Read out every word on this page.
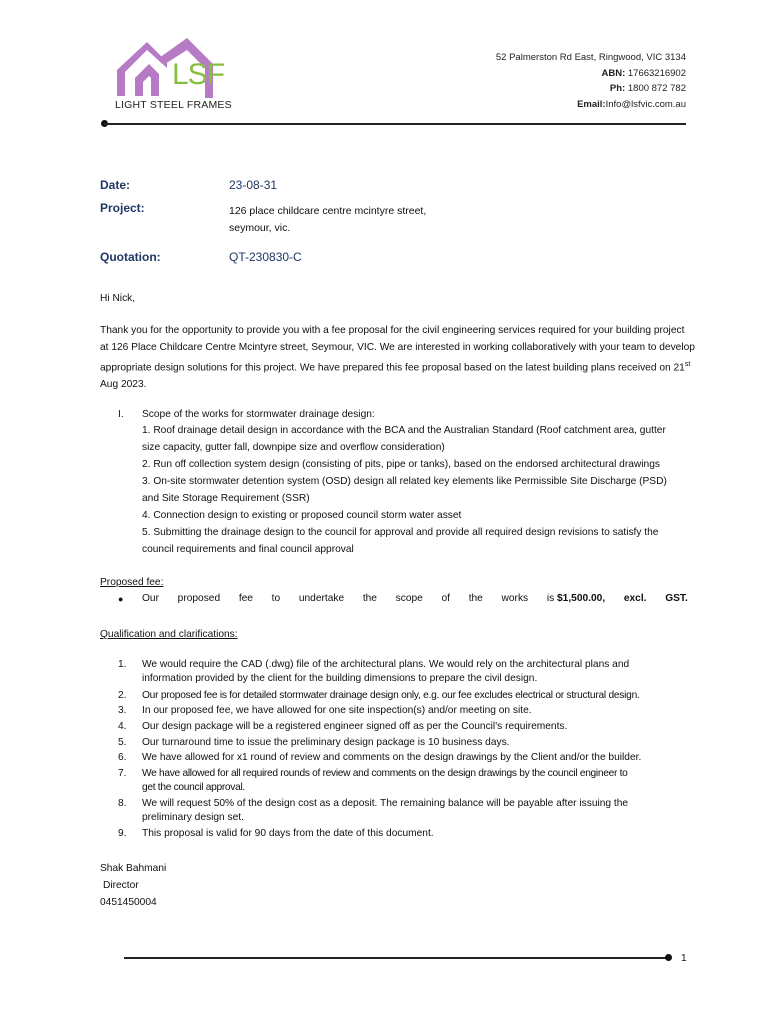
LSF
LIGHT STEEL FRAMES
52 Palmerston Rd East, Ringwood, VIC 3134
ABN: 17663216902
Ph: 1800 872 782
Email:Info@lsfvic.com.au
Date:	23-08-31
Project:	126 place childcare centre mcintyre street,
seymour, vic.
Quotation:	QT-230830-C
Hi Nick,
Thank you for the opportunity to provide you with a fee proposal for the civil engineering services required for your building project
at 126 Place Childcare Centre Mcintyre street, Seymour, VIC. We are interested in working collaboratively with your team to develop
appropriate design solutions for this project. We have prepared this fee proposal based on the latest building plans received on 21st
Aug 2023.
I. Scope of the works for stormwater drainage design:
1. Roof drainage detail design in accordance with the BCA and the Australian Standard (Roof catchment area, gutter
size capacity, gutter fall, downpipe size and overflow consideration)
2. Run off collection system design (consisting of pits, pipe or tanks), based on the endorsed architectural drawings
3. On-site stormwater detention system (OSD) design all related key elements like Permissible Site Discharge (PSD)
and Site Storage Requirement (SSR)
4. Connection design to existing or proposed council storm water asset
5. Submitting the drainage design to the council for approval and provide all required design revisions to satisfy the
council requirements and final council approval
Proposed fee:
● Our proposed fee to undertake the scope of the works is $1,500.00, excl. GST.
Qualification and clarifications:
1.	We would require the CAD (.dwg) file of the architectural plans. We would rely on the architectural plans and
information provided by the client for the building dimensions to prepare the civil design.
2.	Our proposed fee is for detailed stormwater drainage design only, e.g. our fee excludes electrical or structural design.
3.	In our proposed fee, we have allowed for one site inspection(s) and/or meeting on site.
4.	Our design package will be a registered engineer signed off as per the Council's requirements.
5.	Our turnaround time to issue the preliminary design package is 10 business days.
6.	We have allowed for x1 round of review and comments on the design drawings by the Client and/or the builder.
7.	We have allowed for all required rounds of review and comments on the design drawings by the council engineer to
get the council approval.
8.	We will request 50% of the design cost as a deposit. The remaining balance will be payable after issuing the
preliminary design set.
9.	This proposal is valid for 90 days from the date of this document.
Shak Bahmani
Director
0451450004
1
